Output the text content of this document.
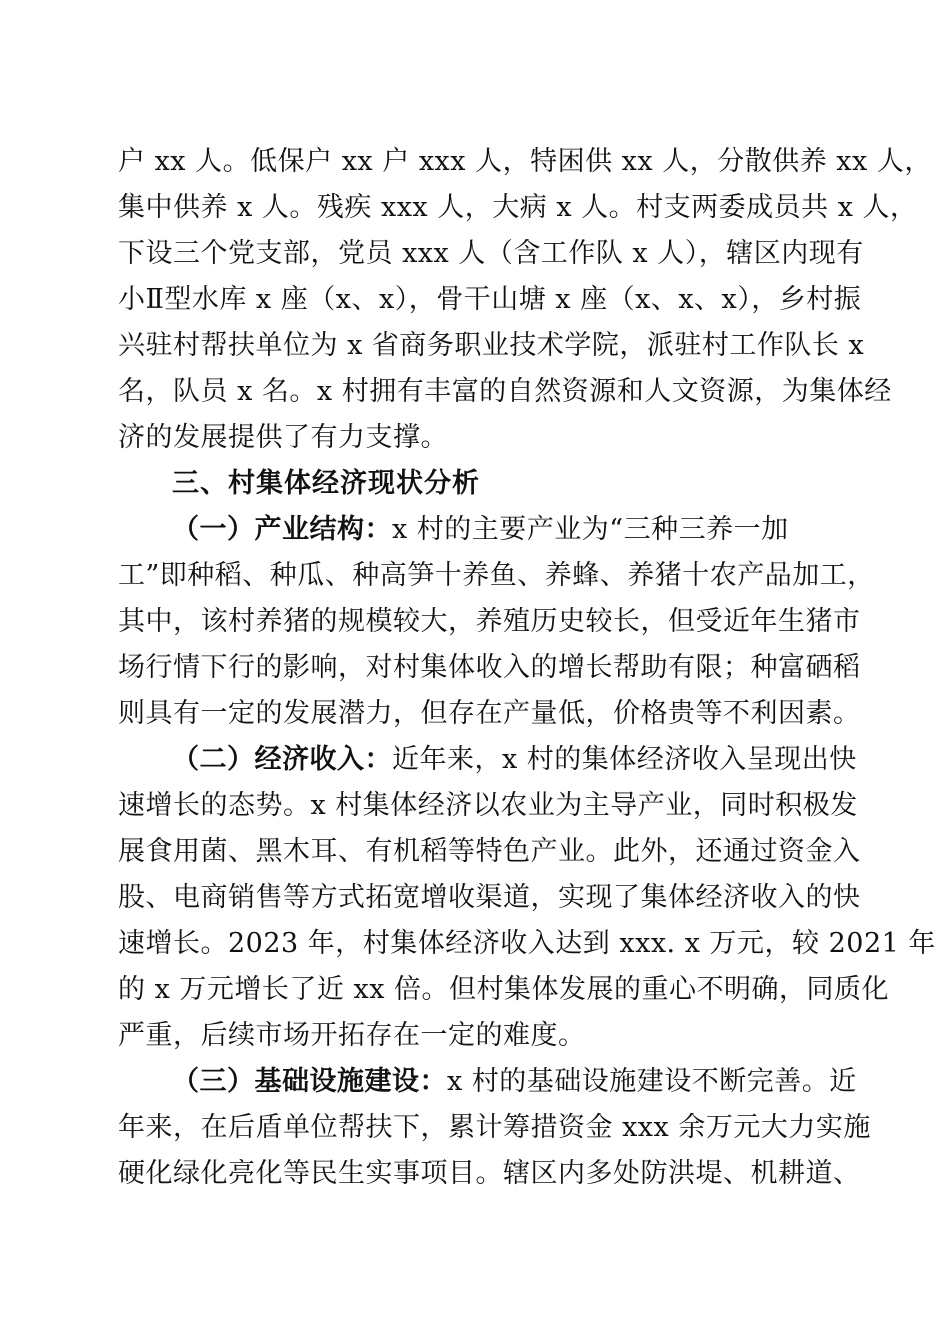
户 xx 人。低保户 xx 户 xxx 人，特困供 xx 人，分散供养 xx 人，
集中供养 x 人。残疾 xxx 人，大病 x 人。村支两委成员共 x 人，
下设三个党支部，党员 xxx 人（含工作队 x 人），辖区内现有
小Ⅱ型水库 x 座（x、x），骨干山塘 x 座（x、x、x），乡村振
兴驻村帮扶单位为 x 省商务职业技术学院，派驻村工作队长 x
名，队员 x 名。x 村拥有丰富的自然资源和人文资源，为集体经
济的发展提供了有力支撑。
三、村集体经济现状分析
（一）产业结构：x 村的主要产业为“三种三养一加
工”即种稻、种瓜、种高笋十养鱼、养蜂、养猪十农产品加工，
其中，该村养猪的规模较大，养殖历史较长，但受近年生猪市
场行情下行的影响，对村集体收入的增长帮助有限；种富硒稻
则具有一定的发展潜力，但存在产量低，价格贵等不利因素。
（二）经济收入：近年来，x 村的集体经济收入呈现出快
速增长的态势。x 村集体经济以农业为主导产业，同时积极发
展食用菌、黑木耳、有机稻等特色产业。此外，还通过资金入
股、电商销售等方式拓宽增收渠道，实现了集体经济收入的快
速增长。2023 年，村集体经济收入达到 xxx. x 万元，较 2021 年
的 x 万元增长了近 xx 倍。但村集体发展的重心不明确，同质化
严重，后续市场开拓存在一定的难度。
（三）基础设施建设：x 村的基础设施建设不断完善。近
年来，在后盾单位帮扶下，累计筹措资金 xxx 余万元大力实施
硬化绿化亮化等民生实事项目。辖区内多处防洪堤、机耕道、
